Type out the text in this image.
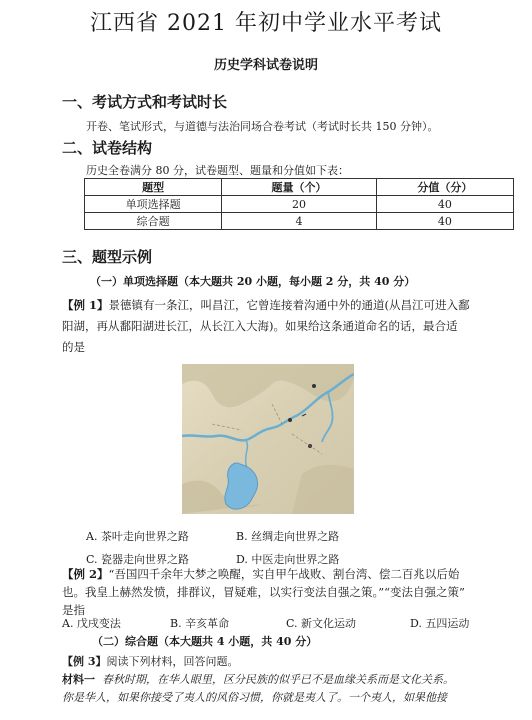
江西省 2021 年初中学业水平考试
历史学科试卷说明
一、考试方式和考试时长
开卷、笔试形式，与道德与法治同场合卷考试（考试时长共 150 分钟）。
二、试卷结构
历史全卷满分 80 分，试卷题型、题量和分值如下表：
题型	题量（个）	分值（分）
单项选择题	20	40
综合题	4	40
三、题型示例
（一）单项选择题（本大题共 20 小题，每小题 2 分，共 40 分）
【例 1】景德镇有一条江，叫昌江，它曾连接着沟通中外的通道(从昌江可进入鄱
阳湖，再从鄱阳湖进长江，从长江入大海)。如果给这条通道命名的话，最合适
的是
A. 茶叶走向世界之路	B. 丝绸走向世界之路
C. 瓷器走向世界之路	D. 中医走向世界之路
【例 2】“吾国四千余年大梦之唤醒，实自甲午战败、割台湾、偿二百兆以后始
也。我皇上赫然发愤，排群议，冒疑难，以实行变法自强之策。”“变法自强之策”
是指
A. 戊戌变法	B. 辛亥革命	C. 新文化运动	D. 五四运动
（二）综合题（本大题共 4 小题，共 40 分）
【例 3】阅读下列材料，回答问题。
材料一 春秋时期，在华人眼里，区分民族的似乎已不是血缘关系而是文化关系。
你是华人，如果你接受了夷人的风俗习惯，你就是夷人了。一个夷人，如果他接
